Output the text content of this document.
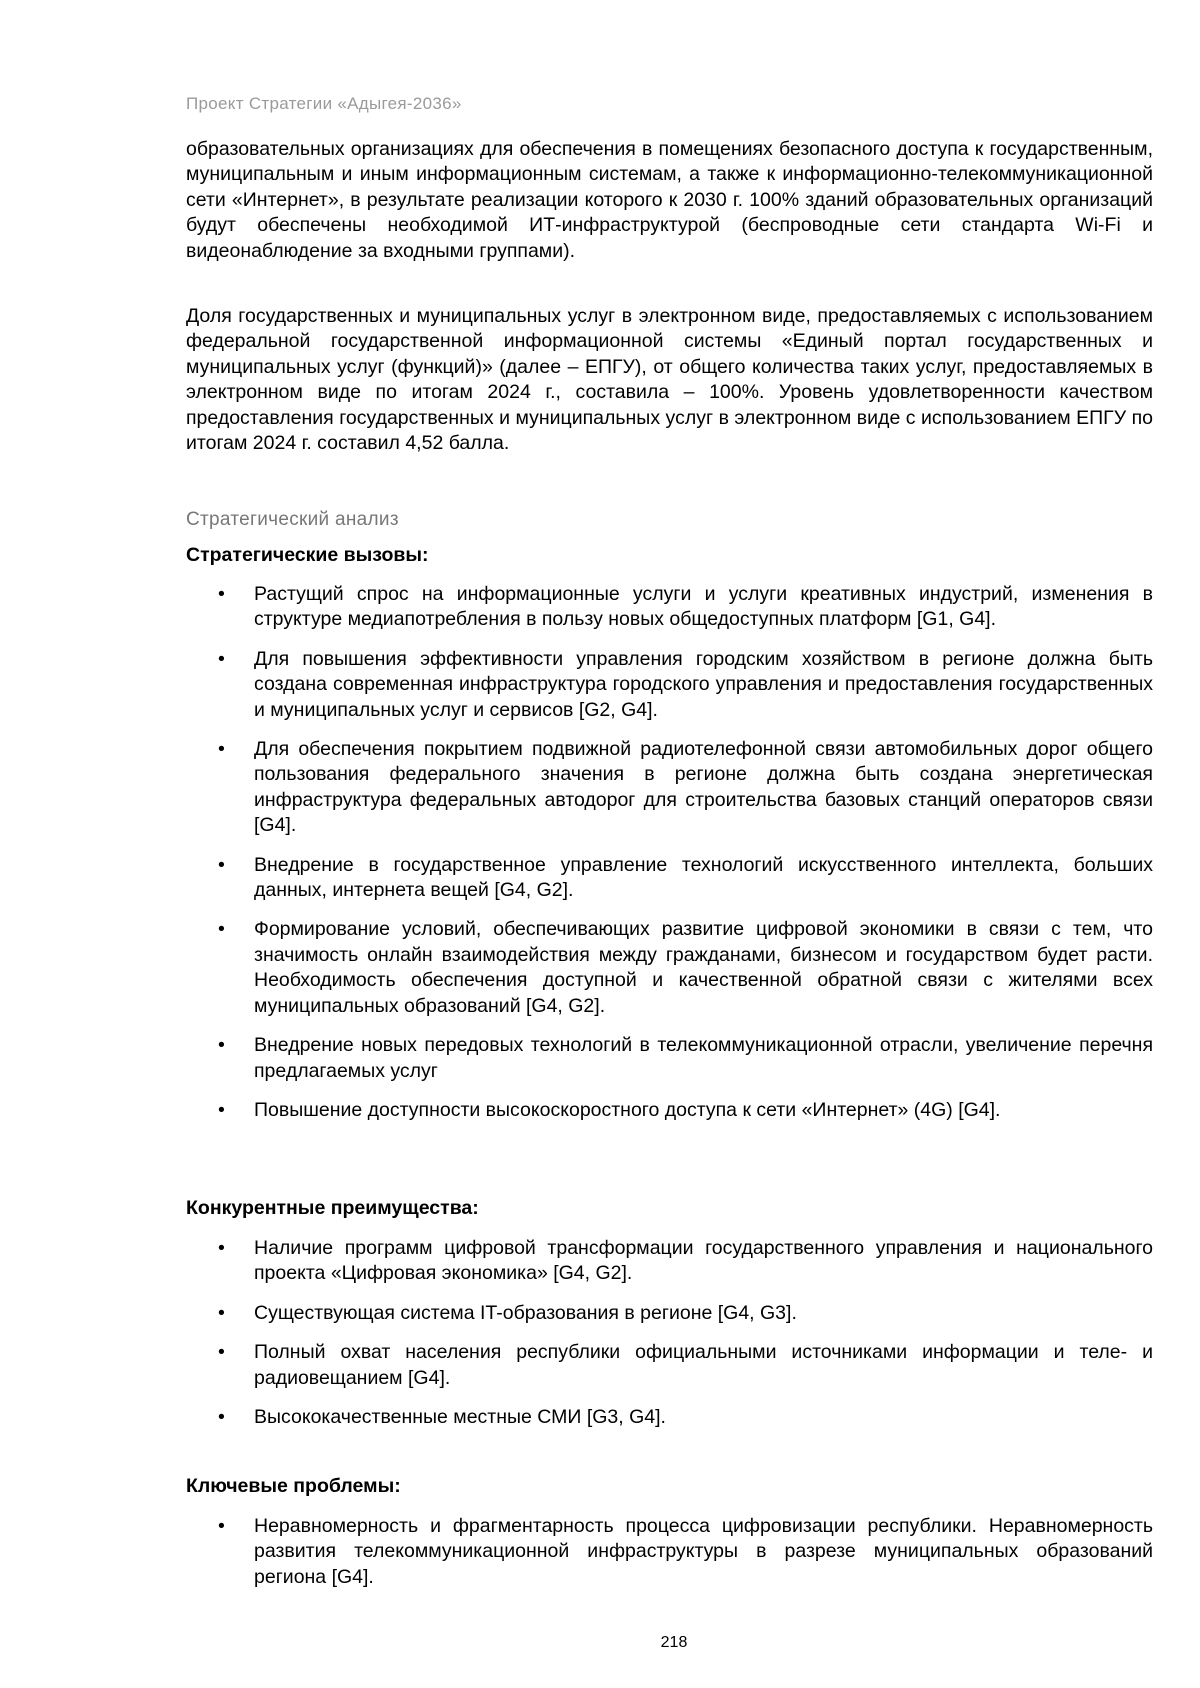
Проект Стратегии «Адыгея-2036»

образовательных организациях для обеспечения в помещениях безопасного доступа к государственным, муниципальным и иным информационным системам, а также к информационно-телекоммуникационной сети «Интернет», в результате реализации которого к 2030 г. 100% зданий образовательных организаций будут обеспечены необходимой ИТ-инфраструктурой (беспроводные сети стандарта Wi-Fi и видеонаблюдение за входными группами).

Доля государственных и муниципальных услуг в электронном виде, предоставляемых с использованием федеральной государственной информационной системы «Единый портал государственных и муниципальных услуг (функций)» (далее – ЕПГУ), от общего количества таких услуг, предоставляемых в электронном виде по итогам 2024 г., составила – 100%. Уровень удовлетворенности качеством предоставления государственных и муниципальных услуг в электронном виде с использованием ЕПГУ по итогам 2024 г. составил 4,52 балла.

Стратегический анализ
Стратегические вызовы:
• Растущий спрос на информационные услуги и услуги креативных индустрий, изменения в структуре медиапотребления в пользу новых общедоступных платформ [G1, G4].
• Для повышения эффективности управления городским хозяйством в регионе должна быть создана современная инфраструктура городского управления и предоставления государственных и муниципальных услуг и сервисов [G2, G4].
• Для обеспечения покрытием подвижной радиотелефонной связи автомобильных дорог общего пользования федерального значения в регионе должна быть создана энергетическая инфраструктура федеральных автодорог для строительства базовых станций операторов связи [G4].
• Внедрение в государственное управление технологий искусственного интеллекта, больших данных, интернета вещей [G4, G2].
• Формирование условий, обеспечивающих развитие цифровой экономики в связи с тем, что значимость онлайн взаимодействия между гражданами, бизнесом и государством будет расти. Необходимость обеспечения доступной и качественной обратной связи с жителями всех муниципальных образований [G4, G2].
• Внедрение новых передовых технологий в телекоммуникационной отрасли, увеличение перечня предлагаемых услуг
• Повышение доступности высокоскоростного доступа к сети «Интернет» (4G) [G4].
Конкурентные преимущества:
• Наличие программ цифровой трансформации государственного управления и национального проекта «Цифровая экономика» [G4, G2].
• Существующая система IT-образования в регионе [G4, G3].
• Полный охват населения республики официальными источниками информации и теле- и радиовещанием [G4].
• Высококачественные местные СМИ [G3, G4].
Ключевые проблемы:
• Неравномерность и фрагментарность процесса цифровизации республики. Неравномерность развития телекоммуникационной инфраструктуры в разрезе муниципальных образований региона [G4].
218
